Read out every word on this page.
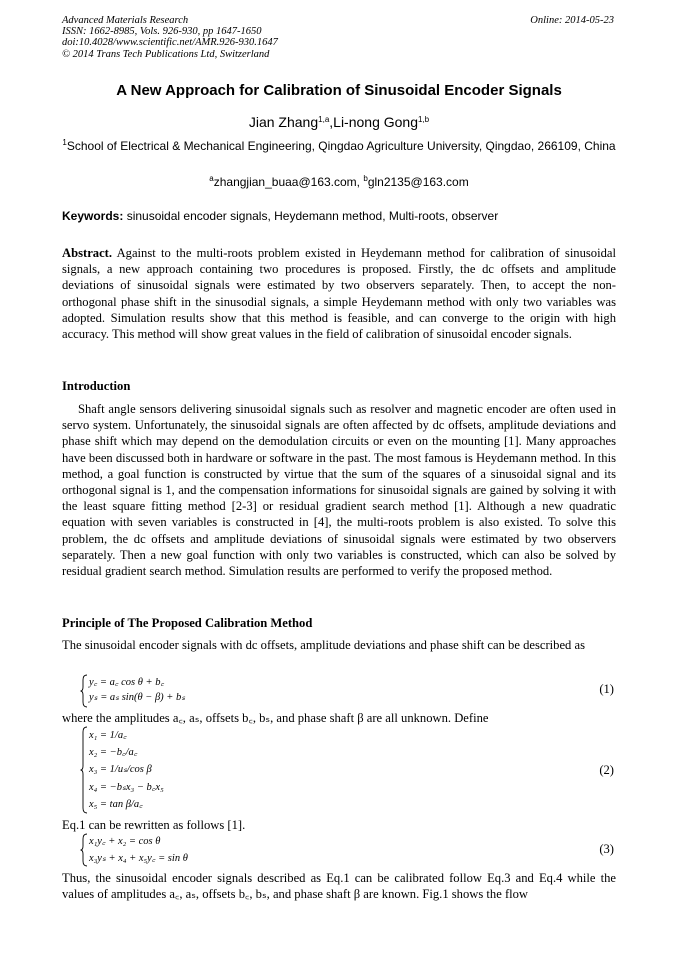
Advanced Materials Research
ISSN: 1662-8985, Vols. 926-930, pp 1647-1650
doi:10.4028/www.scientific.net/AMR.926-930.1647
© 2014 Trans Tech Publications Ltd, Switzerland
Online: 2014-05-23
A New Approach for Calibration of Sinusoidal Encoder Signals
Jian Zhang$^{1,a}$,Li-nong Gong$^{1,b}$
$^1$School of Electrical & Mechanical Engineering, Qingdao Agriculture University, Qingdao, 266109, China
$^a$zhangjian_buaa@163.com, $^b$gln2135@163.com
Keywords: sinusoidal encoder signals, Heydemann method, Multi-roots, observer
Abstract. Against to the multi-roots problem existed in Heydemann method for calibration of sinusoidal signals, a new approach containing two procedures is proposed. Firstly, the dc offsets and amplitude deviations of sinusoidal signals were estimated by two observers separately. Then, to accept the non-orthogonal phase shift in the sinusodial signals, a simple Heydemann method with only two variables was adopted. Simulation results show that this method is feasible, and can converge to the origin with high accuracy. This method will show great values in the field of calibration of sinusoidal encoder signals.
Introduction
Shaft angle sensors delivering sinusoidal signals such as resolver and magnetic encoder are often used in servo system. Unfortunately, the sinusoidal signals are often affected by dc offsets, amplitude deviations and phase shift which may depend on the demodulation circuits or even on the mounting [1]. Many approaches have been discussed both in hardware or software in the past. The most famous is Heydemann method. In this method, a goal function is constructed by virtue that the sum of the squares of a sinusoidal signal and its orthogonal signal is 1, and the compensation informations for sinusoidal signals are gained by solving it with the least square fitting method [2-3] or residual gradient search method [1]. Although a new quadratic equation with seven variables is constructed in [4], the multi-roots problem is also existed. To solve this problem, the dc offsets and amplitude deviations of sinusoidal signals were estimated by two observers separately. Then a new goal function with only two variables is constructed, which can also be solved by residual gradient search method. Simulation results are performed to verify the proposed method.
Principle of The Proposed Calibration Method
The sinusoidal encoder signals with dc offsets, amplitude deviations and phase shift can be described as
y꜀ = a꜀ cos θ + b꜀
yₛ = aₛ sin(θ − β) + bₛ
(1)
where the amplitudes a꜀, aₛ, offsets b꜀, bₛ, and phase shaft β are all unknown. Define
x₁ = 1/a꜀
x₂ = −b꜀/a꜀
x₃ = 1/uₛ/cos β
x₄ = −bₛx₃ − b꜀x₅
x₅ = tan β/a꜀
(2)
Eq.1 can be rewritten as follows [1].
x₁y꜀ + x₂ = cos θ
x₃yₛ + x₄ + x₅y꜀ = sin θ
(3)
Thus, the sinusoidal encoder signals described as Eq.1 can be calibrated follow Eq.3 and Eq.4 while the values of amplitudes a꜀, aₛ, offsets b꜀, bₛ, and phase shaft β are known. Fig.1 shows the flow
